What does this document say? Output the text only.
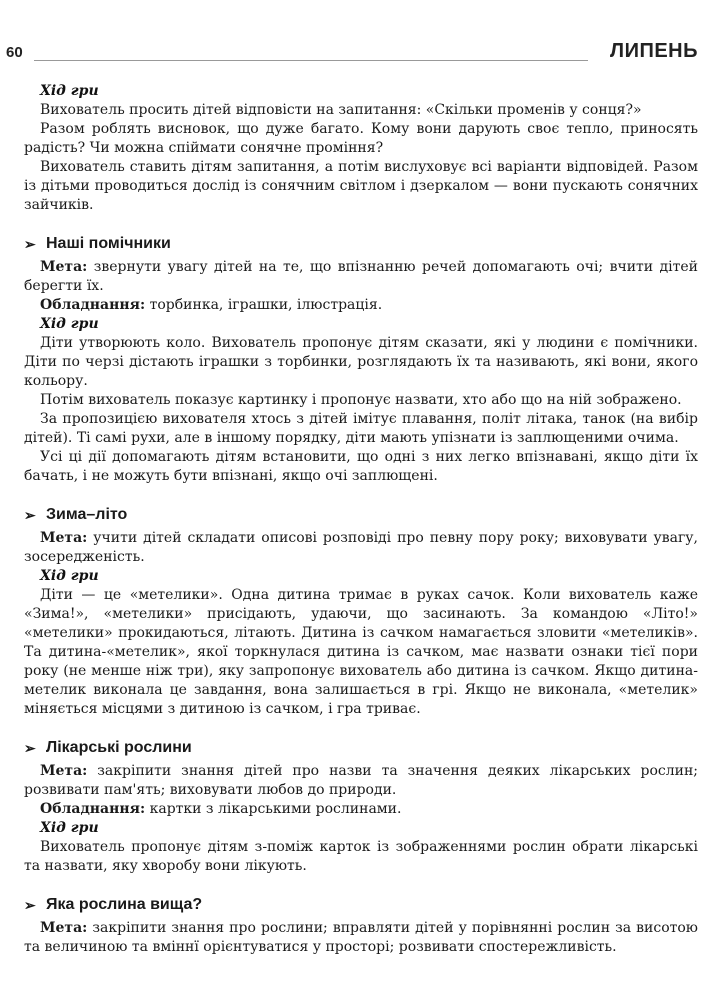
60	ЛИПЕНЬ
Хід гри

Вихователь просить дітей відповісти на запитання: «Скільки променів у сонця?»

Разом роблять висновок, що дуже багато. Кому вони дарують своє тепло, приносять радість? Чи можна спіймати сонячне проміння?

Вихователь ставить дітям запитання, а потім вислуховує всі варіанти відповідей. Разом із дітьми проводиться дослід із сонячним світлом і дзеркалом — вони пускають сонячних зайчиків.

➢ Наші помічники

Мета: звернути увагу дітей на те, що впізнанню речей допомагають очі; вчити дітей берегти їх.

Обладнання: торбинка, іграшки, ілюстрація.

Хід гри

Діти утворюють коло. Вихователь пропонує дітям сказати, які у людини є помічники. Діти по черзі дістають іграшки з торбинки, розглядають їх та називають, які вони, якого кольору.

Потім вихователь показує картинку і пропонує назвати, хто або що на ній зображено.

За пропозицією вихователя хтось з дітей імітує плавання, політ літака, танок (на вибір дітей). Ті самі рухи, але в іншому порядку, діти мають упізнати із заплющеними очима.

Усі ці дії допомагають дітям встановити, що одні з них легко впізнавані, якщо діти їх бачать, і не можуть бути впізнані, якщо очі заплющені.

➢ Зима–літо

Мета: учити дітей складати описові розповіді про певну пору року; виховувати увагу, зосередженість.

Хід гри

Діти — це «метелики». Одна дитина тримає в руках сачок. Коли вихователь каже «Зима!», «метелики» присідають, удаючи, що засинають. За командою «Літо!» «метелики» прокидаються, літають. Дитина із сачком намагається зловити «метеликів». Та дитина-«метелик», якої торкнулася дитина із сачком, має назвати ознаки тієї пори року (не менше ніж три), яку запропонує вихователь або дитина із сачком. Якщо дитина-метелик виконала це завдання, вона залишається в грі. Якщо не виконала, «метелик» міняється місцями з дитиною із сачком, і гра триває.

➢ Лікарські рослини

Мета: закріпити знання дітей про назви та значення деяких лікарських рослин; розвивати пам'ять; виховувати любов до природи.

Обладнання: картки з лікарськими рослинами.

Хід гри

Вихователь пропонує дітям з-поміж карток із зображеннями рослин обрати лікарські та назвати, яку хворобу вони лікують.

➢ Яка рослина вища?

Мета: закріпити знання про рослини; вправляти дітей у порівнянні рослин за висотою та величиною та вміннї орієнтуватися у просторі; розвивати спостережливість.
